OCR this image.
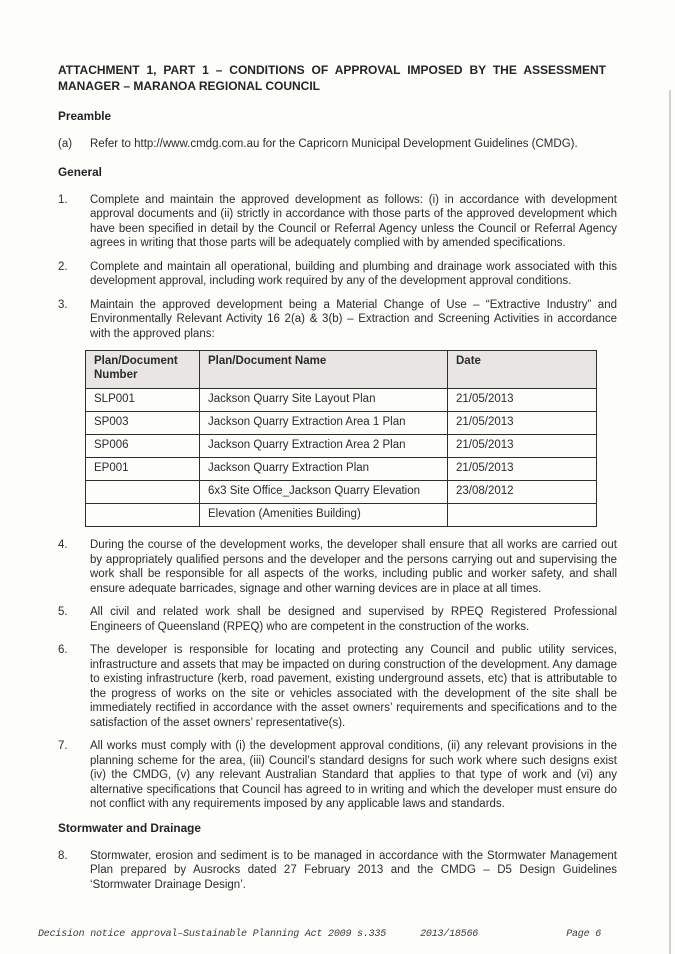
ATTACHMENT 1, PART 1 – CONDITIONS OF APPROVAL IMPOSED BY THE ASSESSMENT MANAGER – MARANOA REGIONAL COUNCIL

Preamble

(a)	Refer to http://www.cmdg.com.au for the Capricorn Municipal Development Guidelines (CMDG).

General

1.	Complete and maintain the approved development as follows: (i) in accordance with development approval documents and (ii) strictly in accordance with those parts of the approved development which have been specified in detail by the Council or Referral Agency unless the Council or Referral Agency agrees in writing that those parts will be adequately complied with by amended specifications.
2.	Complete and maintain all operational, building and plumbing and drainage work associated with this development approval, including work required by any of the development approval conditions.
3.	Maintain the approved development being a Material Change of Use – “Extractive Industry” and Environmentally Relevant Activity 16 2(a) & 3(b) – Extraction and Screening Activities in accordance with the approved plans:
Plan/Document Number	Plan/Document Name	Date
SLP001	Jackson Quarry Site Layout Plan	21/05/2013
SP003	Jackson Quarry Extraction Area 1 Plan	21/05/2013
SP006	Jackson Quarry Extraction Area 2 Plan	21/05/2013
EP001	Jackson Quarry Extraction Plan	21/05/2013
	6x3 Site Office_Jackson Quarry Elevation	23/08/2012
	Elevation (Amenities Building)	
4.	During the course of the development works, the developer shall ensure that all works are carried out by appropriately qualified persons and the developer and the persons carrying out and supervising the work shall be responsible for all aspects of the works, including public and worker safety, and shall ensure adequate barricades, signage and other warning devices are in place at all times.
5.	All civil and related work shall be designed and supervised by RPEQ Registered Professional Engineers of Queensland (RPEQ) who are competent in the construction of the works.
6.	The developer is responsible for locating and protecting any Council and public utility services, infrastructure and assets that may be impacted on during construction of the development. Any damage to existing infrastructure (kerb, road pavement, existing underground assets, etc) that is attributable to the progress of works on the site or vehicles associated with the development of the site shall be immediately rectified in accordance with the asset owners’ requirements and specifications and to the satisfaction of the asset owners’ representative(s).
7.	All works must comply with (i) the development approval conditions, (ii) any relevant provisions in the planning scheme for the area, (iii) Council’s standard designs for such work where such designs exist (iv) the CMDG, (v) any relevant Australian Standard that applies to that type of work and (vi) any alternative specifications that Council has agreed to in writing and which the developer must ensure do not conflict with any requirements imposed by any applicable laws and standards.

Stormwater and Drainage

8.	Stormwater, erosion and sediment is to be managed in accordance with the Stormwater Management Plan prepared by Ausrocks dated 27 February 2013 and the CMDG – D5 Design Guidelines ‘Stormwater Drainage Design’.
Decision notice approval–Sustainable Planning Act 2009 s.335	2013/18566	Page 6
